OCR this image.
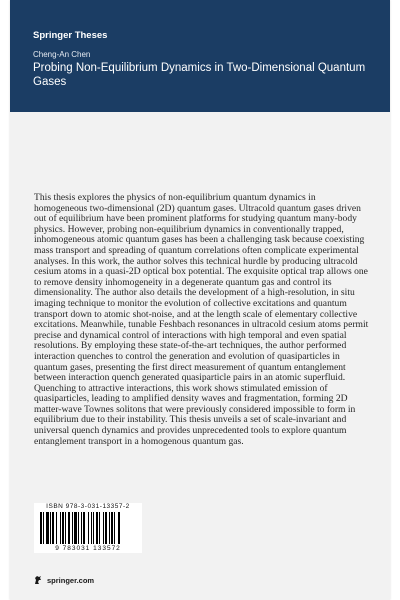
Springer Theses
Cheng-An Chen
Probing Non-Equilibrium Dynamics in Two-Dimensional Quantum Gases

This thesis explores the physics of non-equilibrium quantum dynamics in homogeneous two-dimensional (2D) quantum gases. Ultracold quantum gases driven out of equilibrium have been prominent platforms for studying quantum many-body physics. However, probing non-equilibrium dynamics in conventionally trapped, inhomogeneous atomic quantum gases has been a challenging task because coexisting mass transport and spreading of quantum correlations often complicate experimental analyses. In this work, the author solves this technical hurdle by producing ultracold cesium atoms in a quasi-2D optical box potential. The exquisite optical trap allows one to remove density inhomogeneity in a degenerate quantum gas and control its dimensionality. The author also details the development of a high-resolution, in situ imaging technique to monitor the evolution of collective excitations and quantum transport down to atomic shot-noise, and at the length scale of elementary collective excitations. Meanwhile, tunable Feshbach resonances in ultracold cesium atoms permit precise and dynamical control of interactions with high temporal and even spatial resolutions. By employing these state-of-the-art techniques, the author performed interaction quenches to control the generation and evolution of quasiparticles in quantum gases, presenting the first direct measurement of quantum entanglement between interaction quench generated quasiparticle pairs in an atomic superfluid. Quenching to attractive interactions, this work shows stimulated emission of quasiparticles, leading to amplified density waves and fragmentation, forming 2D matter-wave Townes solitons that were previously considered impossible to form in equilibrium due to their instability. This thesis unveils a set of scale-invariant and universal quench dynamics and provides unprecedented tools to explore quantum entanglement transport in a homogenous quantum gas.

ISBN 978-3-031-13357-2
9 783031 133572
springer.com
